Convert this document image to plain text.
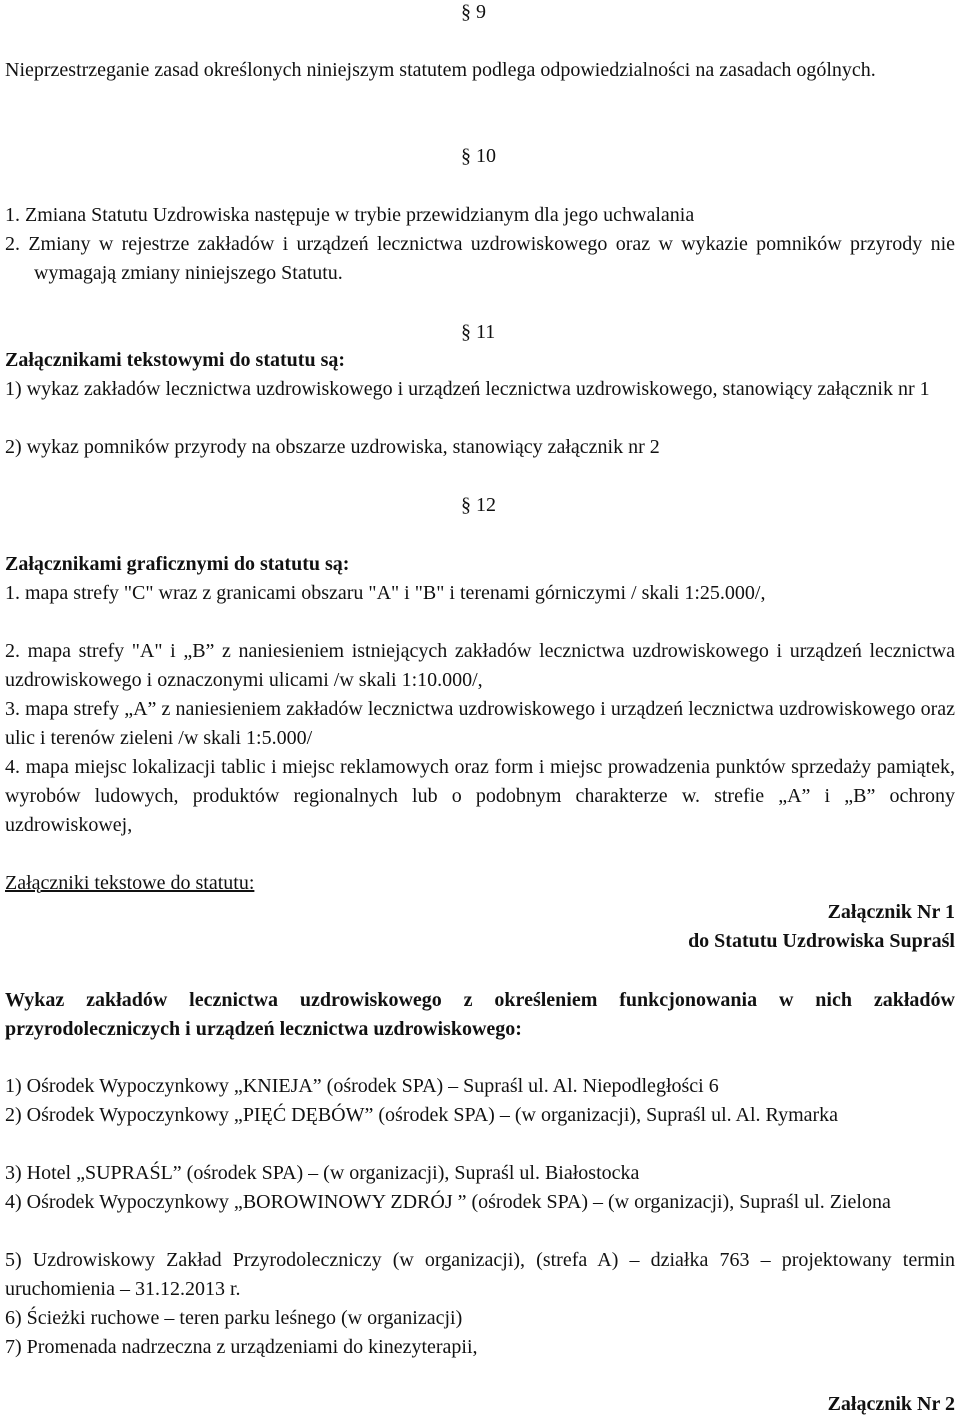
§ 9
Nieprzestrzeganie zasad określonych niniejszym statutem podlega odpowiedzialności na zasadach ogólnych.
§ 10
1. Zmiana Statutu Uzdrowiska następuje w trybie przewidzianym dla jego uchwalania
2. Zmiany w rejestrze zakładów i urządzeń lecznictwa uzdrowiskowego oraz w wykazie pomników przyrody nie wymagają zmiany niniejszego Statutu.
§ 11
Załącznikami tekstowymi do statutu są:
1) wykaz zakładów lecznictwa uzdrowiskowego i urządzeń lecznictwa uzdrowiskowego, stanowiący załącznik nr 1
2) wykaz pomników przyrody na obszarze uzdrowiska, stanowiący załącznik nr 2
§ 12
Załącznikami graficznymi do statutu są:
1. mapa strefy "C" wraz z granicami obszaru "A" i "B" i terenami górniczymi / skali 1:25.000/,
2. mapa strefy "A" i „B” z naniesieniem istniejących zakładów lecznictwa uzdrowiskowego i urządzeń lecznictwa uzdrowiskowego i oznaczonymi ulicami /w skali 1:10.000/,
3. mapa strefy „A” z naniesieniem zakładów lecznictwa uzdrowiskowego i urządzeń lecznictwa uzdrowiskowego oraz ulic i terenów zieleni /w skali 1:5.000/
4. mapa miejsc lokalizacji tablic i miejsc reklamowych oraz form i miejsc prowadzenia punktów sprzedaży pamiątek, wyrobów ludowych, produktów regionalnych lub o podobnym charakterze w. strefie „A” i „B” ochrony uzdrowiskowej,
Załączniki tekstowe do statutu:
Załącznik Nr 1
do Statutu Uzdrowiska Supraśl
Wykaz zakładów lecznictwa uzdrowiskowego z określeniem funkcjonowania w nich zakładów przyrodoleczniczych i urządzeń lecznictwa uzdrowiskowego:
1) Ośrodek Wypoczynkowy „KNIEJA” (ośrodek SPA) – Supraśl ul. Al. Niepodległości 6
2) Ośrodek Wypoczynkowy „PIĘĆ DĘBÓW” (ośrodek SPA) – (w organizacji), Supraśl ul. Al. Rymarka
3) Hotel „SUPRAŚL” (ośrodek SPA) – (w organizacji), Supraśl ul. Białostocka
4) Ośrodek Wypoczynkowy „BOROWINOWY ZDRÓJ ” (ośrodek SPA) – (w organizacji), Supraśl ul. Zielona
5) Uzdrowiskowy Zakład Przyrodoleczniczy (w organizacji), (strefa A) – działka 763 – projektowany termin uruchomienia – 31.12.2013 r.
6) Ścieżki ruchowe – teren parku leśnego (w organizacji)
7) Promenada nadrzeczna z urządzeniami do kinezyterapii,
Załącznik Nr 2
